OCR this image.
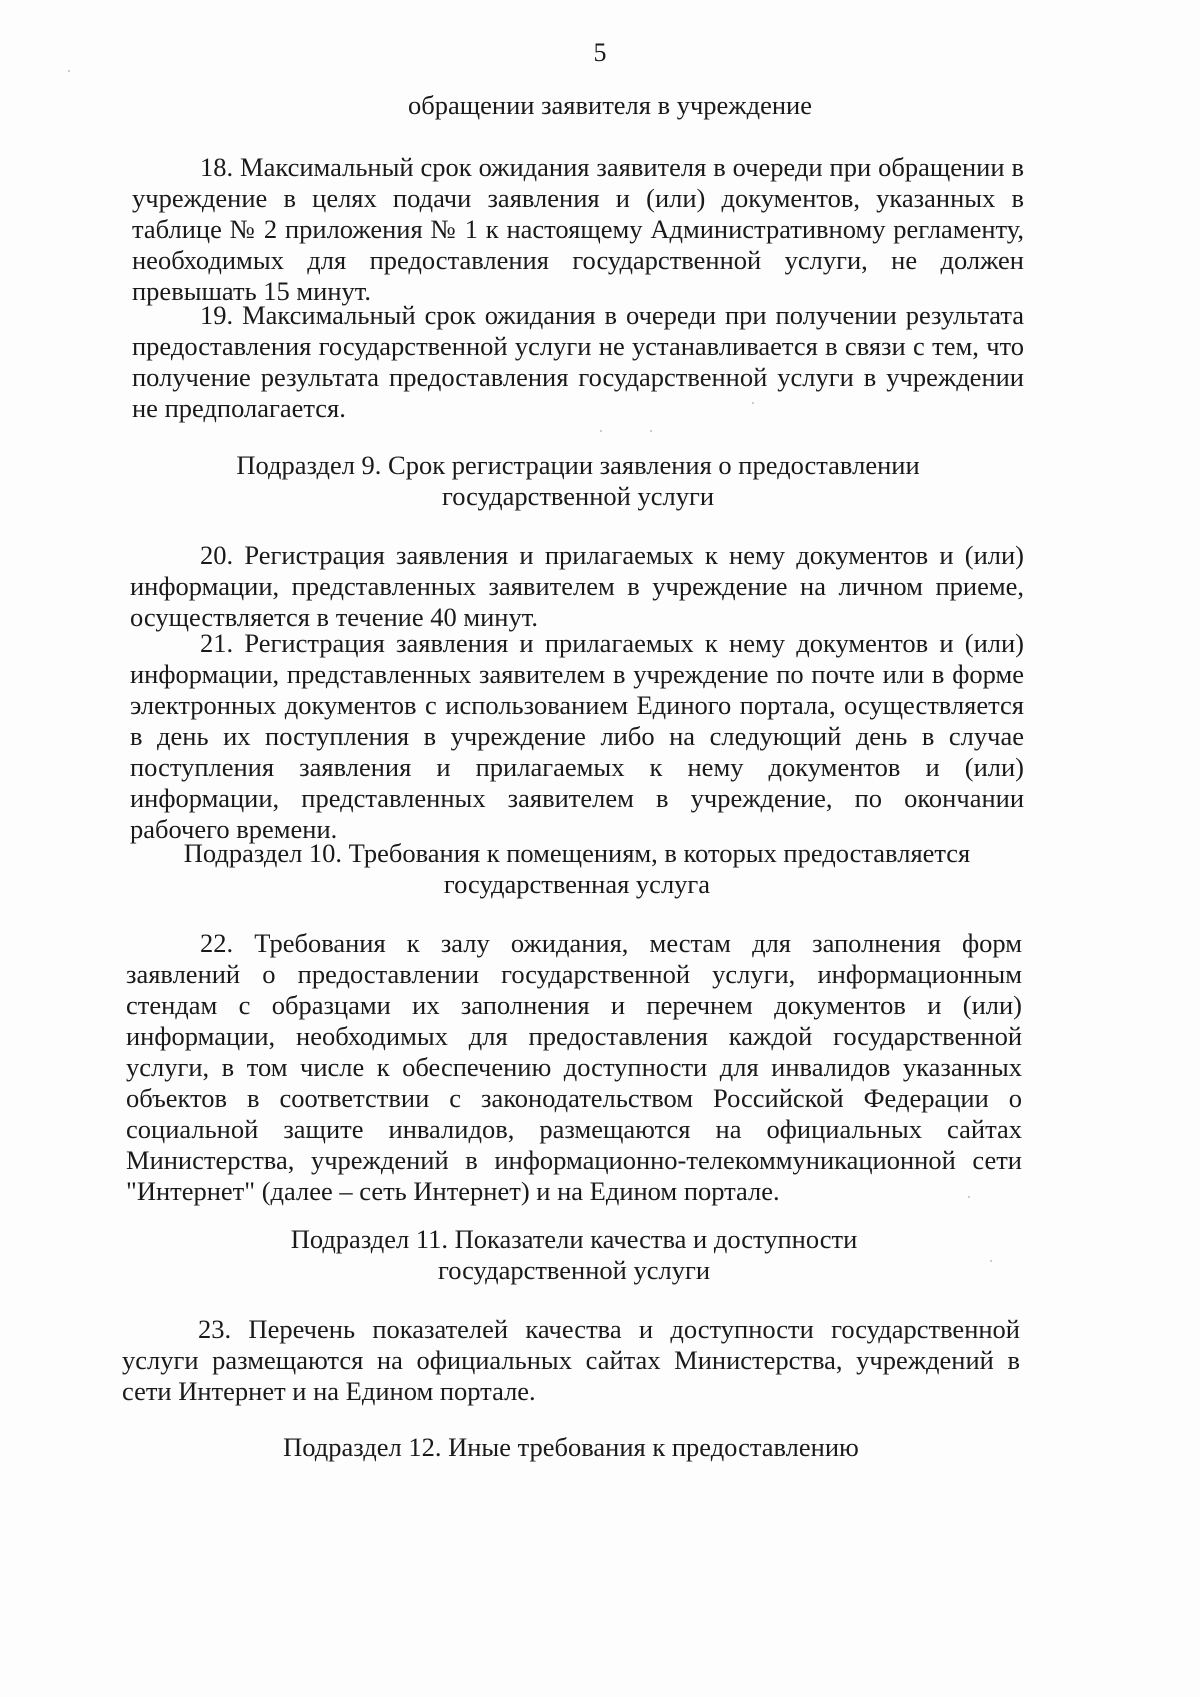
5
обращении заявителя в учреждение
18. Максимальный срок ожидания заявителя в очереди при обращении в учреждение в целях подачи заявления и (или) документов, указанных в таблице № 2 приложения № 1 к настоящему Административному регламенту, необходимых для предоставления государственной услуги, не должен превышать 15 минут.
19. Максимальный срок ожидания в очереди при получении результата предоставления государственной услуги не устанавливается в связи с тем, что получение результата предоставления государственной услуги в учреждении не предполагается.
Подраздел 9. Срок регистрации заявления о предоставлении
государственной услуги
20. Регистрация заявления и прилагаемых к нему документов и (или) информации, представленных заявителем в учреждение на личном приеме, осуществляется в течение 40 минут.
21. Регистрация заявления и прилагаемых к нему документов и (или) информации, представленных заявителем в учреждение по почте или в форме электронных документов с использованием Единого портала, осуществляется в день их поступления в учреждение либо на следующий день в случае поступления заявления и прилагаемых к нему документов и (или) информации, представленных заявителем в учреждение, по окончании рабочего времени.
Подраздел 10. Требования к помещениям, в которых предоставляется
государственная услуга
22. Требования к залу ожидания, местам для заполнения форм заявлений о предоставлении государственной услуги, информационным стендам с образцами их заполнения и перечнем документов и (или) информации, необходимых для предоставления каждой государственной услуги, в том числе к обеспечению доступности для инвалидов указанных объектов в соответствии с законодательством Российской Федерации о социальной защите инвалидов, размещаются на официальных сайтах Министерства, учреждений в информационно-телекоммуникационной сети "Интернет" (далее – сеть Интернет) и на Едином портале.
Подраздел 11. Показатели качества и доступности
государственной услуги
23. Перечень показателей качества и доступности государственной услуги размещаются на официальных сайтах Министерства, учреждений в сети Интернет и на Едином портале.
Подраздел 12. Иные требования к предоставлению
